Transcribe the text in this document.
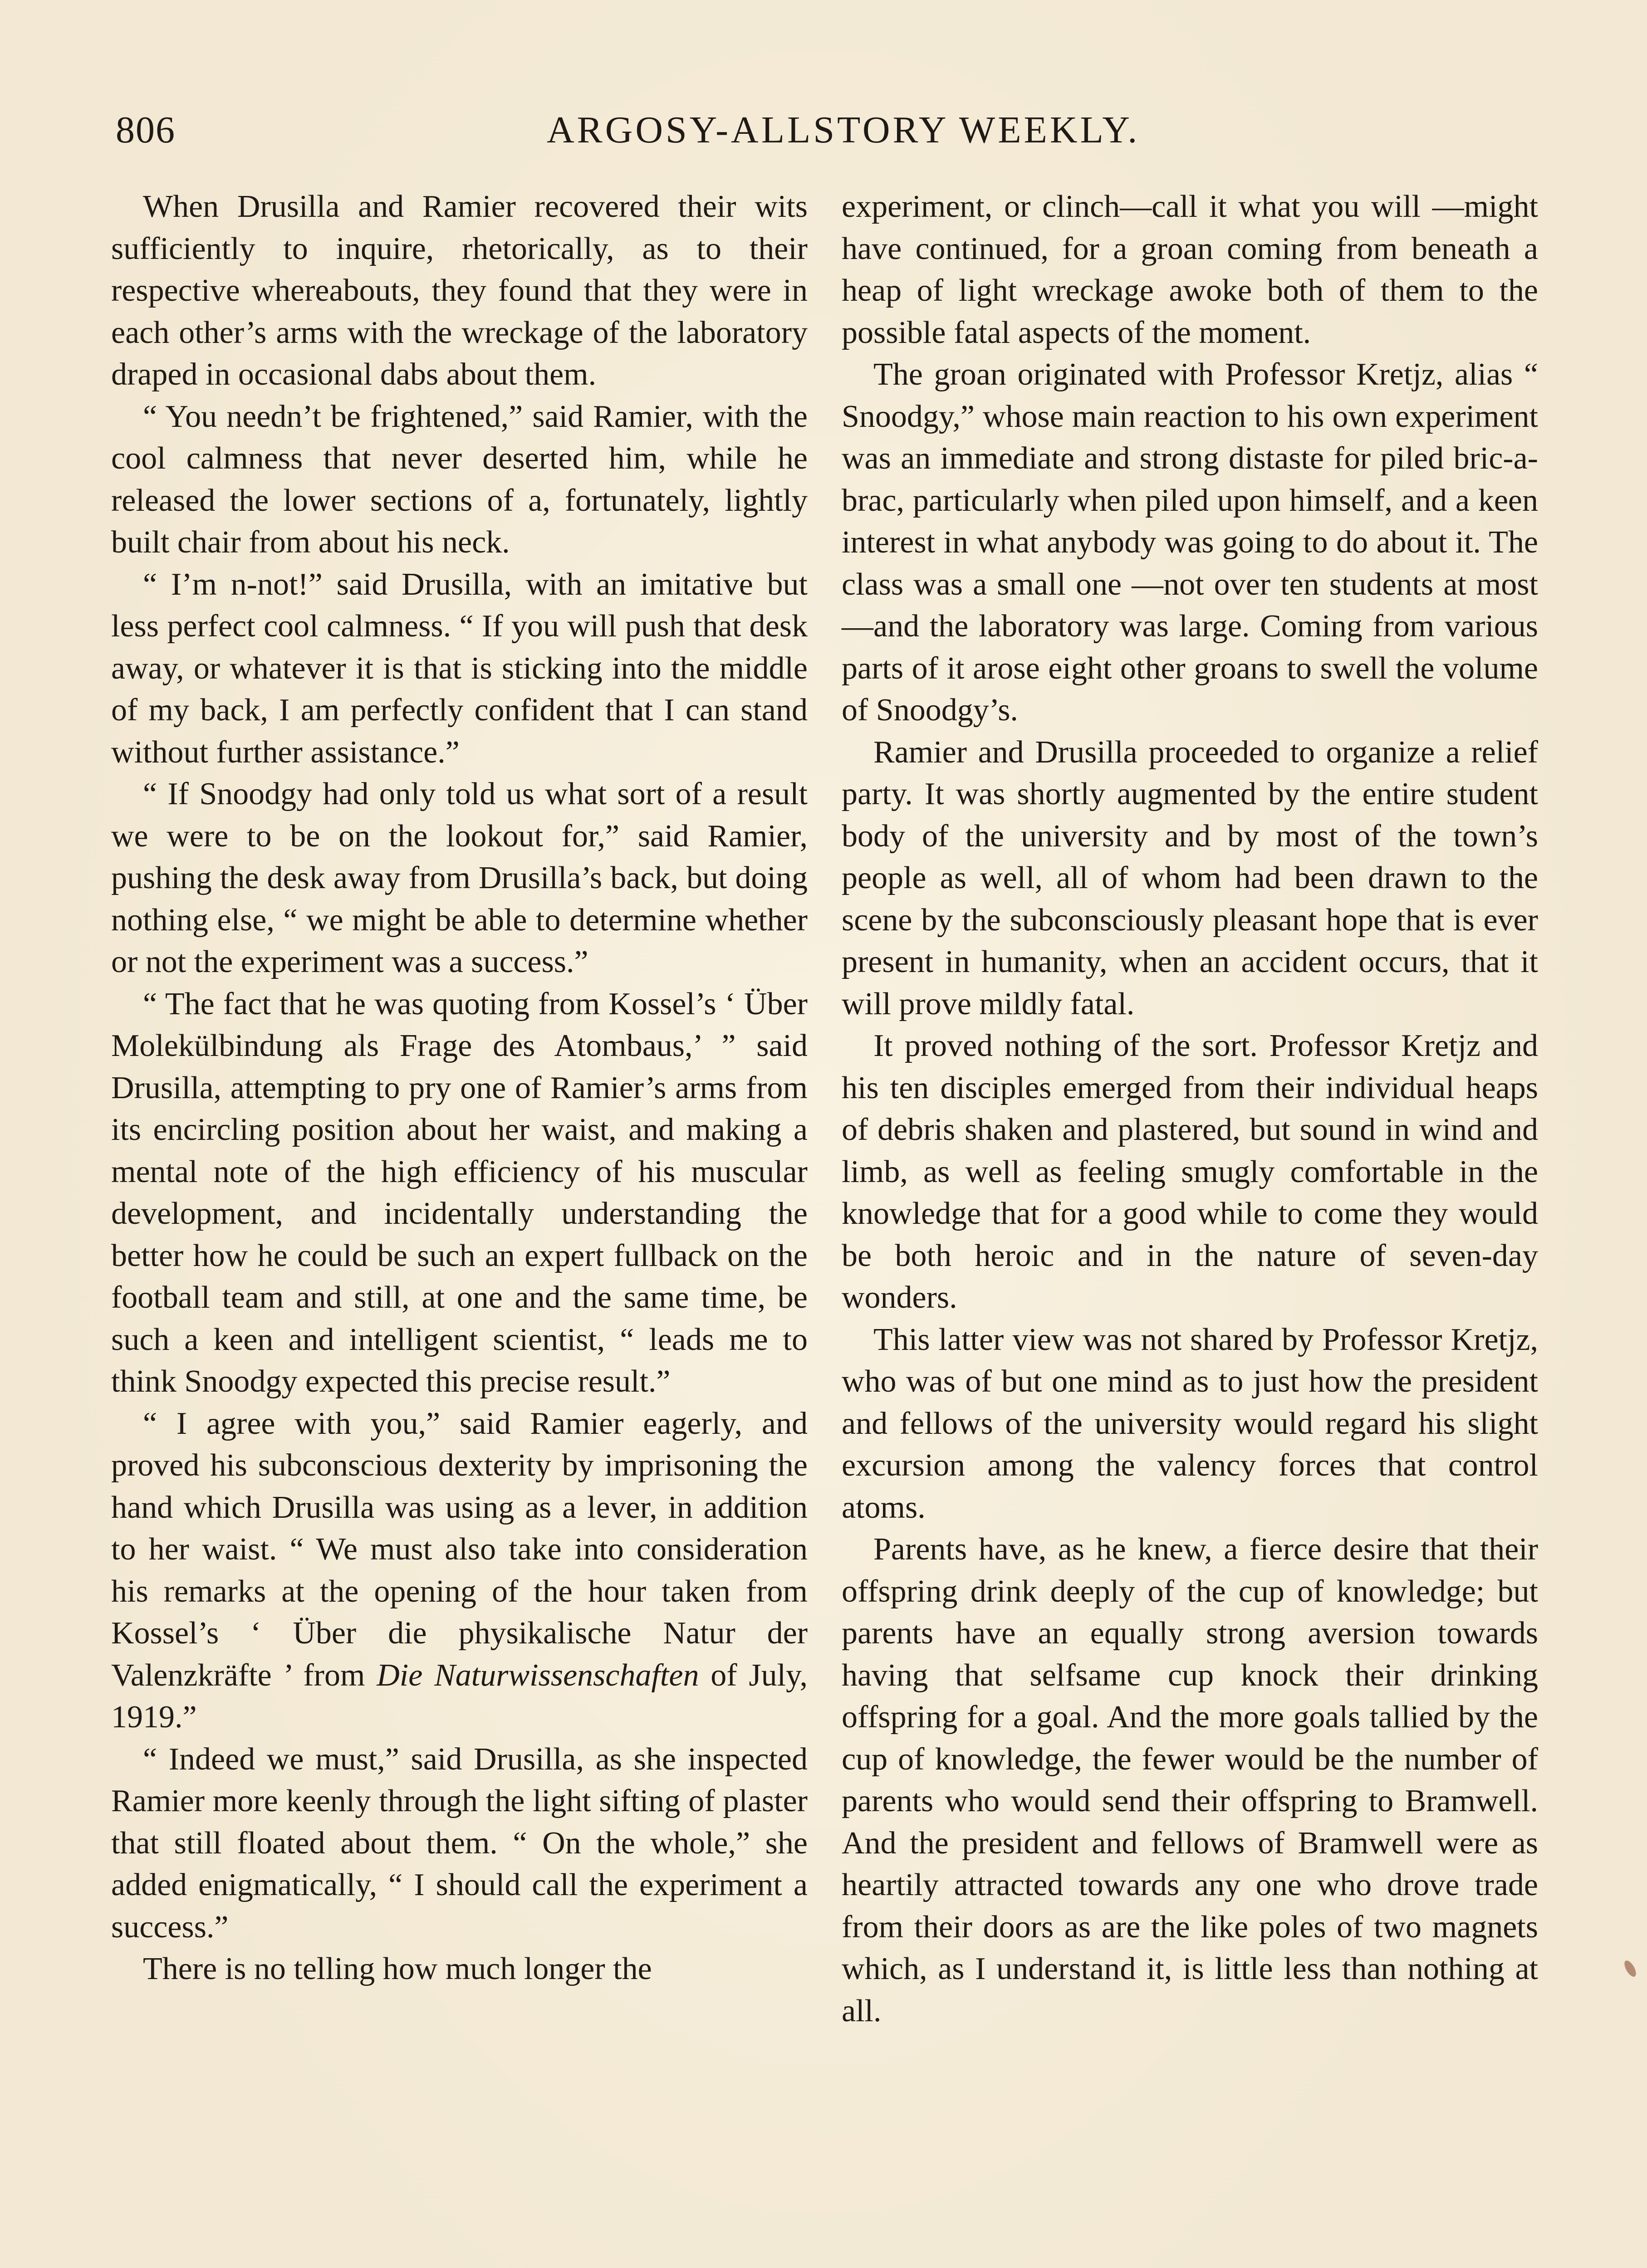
806	ARGOSY-ALLSTORY WEEKLY.

When Drusilla and Ramier recovered their wits sufficiently to inquire, rhetorically, as to their respective whereabouts, they found that they were in each other’s arms with the wreckage of the laboratory draped in occasional dabs about them.

“ You needn’t be frightened,” said Ramier, with the cool calmness that never deserted him, while he released the lower sections of a, fortunately, lightly built chair from about his neck.

“ I’m n-not!” said Drusilla, with an imitative but less perfect cool calmness. “ If you will push that desk away, or whatever it is that is sticking into the middle of my back, I am perfectly confident that I can stand without further assistance.”

“ If Snoodgy had only told us what sort of a result we were to be on the lookout for,” said Ramier, pushing the desk away from Drusilla’s back, but doing nothing else, “ we might be able to determine whether or not the experiment was a success.”

“ The fact that he was quoting from Kossel’s ‘ Über Molekülbindung als Frage des Atombaus,’ ” said Drusilla, attempting to pry one of Ramier’s arms from its encircling position about her waist, and making a mental note of the high efficiency of his muscular development, and incidentally understanding the better how he could be such an expert fullback on the football team and still, at one and the same time, be such a keen and intelligent scientist, “ leads me to think Snoodgy expected this precise result.”

“ I agree with you,” said Ramier eagerly, and proved his subconscious dexterity by imprisoning the hand which Drusilla was using as a lever, in addition to her waist. “ We must also take into consideration his remarks at the opening of the hour taken from Kossel’s ‘ Über die physikalische Natur der Valenzkräfte ’ from Die Naturwissenschaften of July, 1919.”

“ Indeed we must,” said Drusilla, as she inspected Ramier more keenly through the light sifting of plaster that still floated about them. “ On the whole,” she added enigmatically, “ I should call the experiment a success.”

There is no telling how much longer the

experiment, or clinch—call it what you will —might have continued, for a groan coming from beneath a heap of light wreckage awoke both of them to the possible fatal aspects of the moment.

The groan originated with Professor Kretjz, alias “ Snoodgy,” whose main reaction to his own experiment was an immediate and strong distaste for piled bric-a-brac, particularly when piled upon himself, and a keen interest in what anybody was going to do about it. The class was a small one —not over ten students at most—and the laboratory was large. Coming from various parts of it arose eight other groans to swell the volume of Snoodgy’s.

Ramier and Drusilla proceeded to organize a relief party. It was shortly augmented by the entire student body of the university and by most of the town’s people as well, all of whom had been drawn to the scene by the subconsciously pleasant hope that is ever present in humanity, when an accident occurs, that it will prove mildly fatal.

It proved nothing of the sort. Professor Kretjz and his ten disciples emerged from their individual heaps of debris shaken and plastered, but sound in wind and limb, as well as feeling smugly comfortable in the knowledge that for a good while to come they would be both heroic and in the nature of seven-day wonders.

This latter view was not shared by Professor Kretjz, who was of but one mind as to just how the president and fellows of the university would regard his slight excursion among the valency forces that control atoms.

Parents have, as he knew, a fierce desire that their offspring drink deeply of the cup of knowledge; but parents have an equally strong aversion towards having that selfsame cup knock their drinking offspring for a goal. And the more goals tallied by the cup of knowledge, the fewer would be the number of parents who would send their offspring to Bramwell. And the president and fellows of Bramwell were as heartily attracted towards any one who drove trade from their doors as are the like poles of two magnets which, as I understand it, is little less than nothing at all.
